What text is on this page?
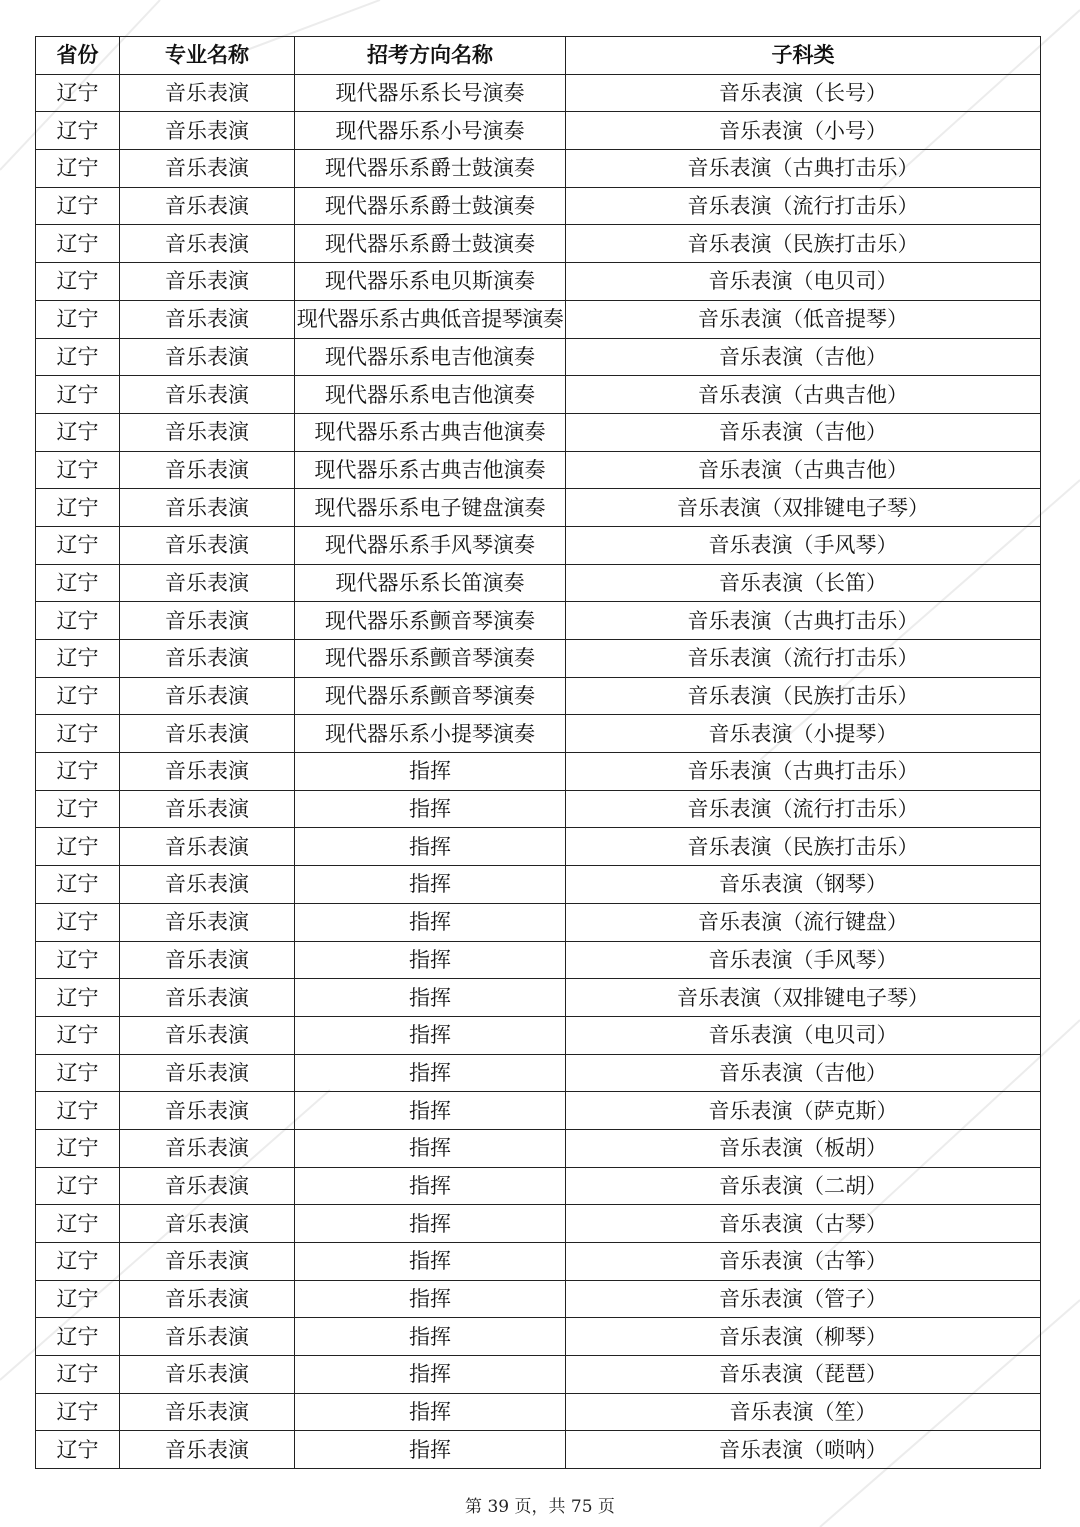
省份	专业名称	招考方向名称	子科类
辽宁	音乐表演	现代器乐系长号演奏	音乐表演（长号）
辽宁	音乐表演	现代器乐系小号演奏	音乐表演（小号）
辽宁	音乐表演	现代器乐系爵士鼓演奏	音乐表演（古典打击乐）
辽宁	音乐表演	现代器乐系爵士鼓演奏	音乐表演（流行打击乐）
辽宁	音乐表演	现代器乐系爵士鼓演奏	音乐表演（民族打击乐）
辽宁	音乐表演	现代器乐系电贝斯演奏	音乐表演（电贝司）
辽宁	音乐表演	现代器乐系古典低音提琴演奏	音乐表演（低音提琴）
辽宁	音乐表演	现代器乐系电吉他演奏	音乐表演（吉他）
辽宁	音乐表演	现代器乐系电吉他演奏	音乐表演（古典吉他）
辽宁	音乐表演	现代器乐系古典吉他演奏	音乐表演（吉他）
辽宁	音乐表演	现代器乐系古典吉他演奏	音乐表演（古典吉他）
辽宁	音乐表演	现代器乐系电子键盘演奏	音乐表演（双排键电子琴）
辽宁	音乐表演	现代器乐系手风琴演奏	音乐表演（手风琴）
辽宁	音乐表演	现代器乐系长笛演奏	音乐表演（长笛）
辽宁	音乐表演	现代器乐系颤音琴演奏	音乐表演（古典打击乐）
辽宁	音乐表演	现代器乐系颤音琴演奏	音乐表演（流行打击乐）
辽宁	音乐表演	现代器乐系颤音琴演奏	音乐表演（民族打击乐）
辽宁	音乐表演	现代器乐系小提琴演奏	音乐表演（小提琴）
辽宁	音乐表演	指挥	音乐表演（古典打击乐）
辽宁	音乐表演	指挥	音乐表演（流行打击乐）
辽宁	音乐表演	指挥	音乐表演（民族打击乐）
辽宁	音乐表演	指挥	音乐表演（钢琴）
辽宁	音乐表演	指挥	音乐表演（流行键盘）
辽宁	音乐表演	指挥	音乐表演（手风琴）
辽宁	音乐表演	指挥	音乐表演（双排键电子琴）
辽宁	音乐表演	指挥	音乐表演（电贝司）
辽宁	音乐表演	指挥	音乐表演（吉他）
辽宁	音乐表演	指挥	音乐表演（萨克斯）
辽宁	音乐表演	指挥	音乐表演（板胡）
辽宁	音乐表演	指挥	音乐表演（二胡）
辽宁	音乐表演	指挥	音乐表演（古琴）
辽宁	音乐表演	指挥	音乐表演（古筝）
辽宁	音乐表演	指挥	音乐表演（管子）
辽宁	音乐表演	指挥	音乐表演（柳琴）
辽宁	音乐表演	指挥	音乐表演（琵琶）
辽宁	音乐表演	指挥	音乐表演（笙）
辽宁	音乐表演	指挥	音乐表演（唢呐）
第 39 页，共 75 页
